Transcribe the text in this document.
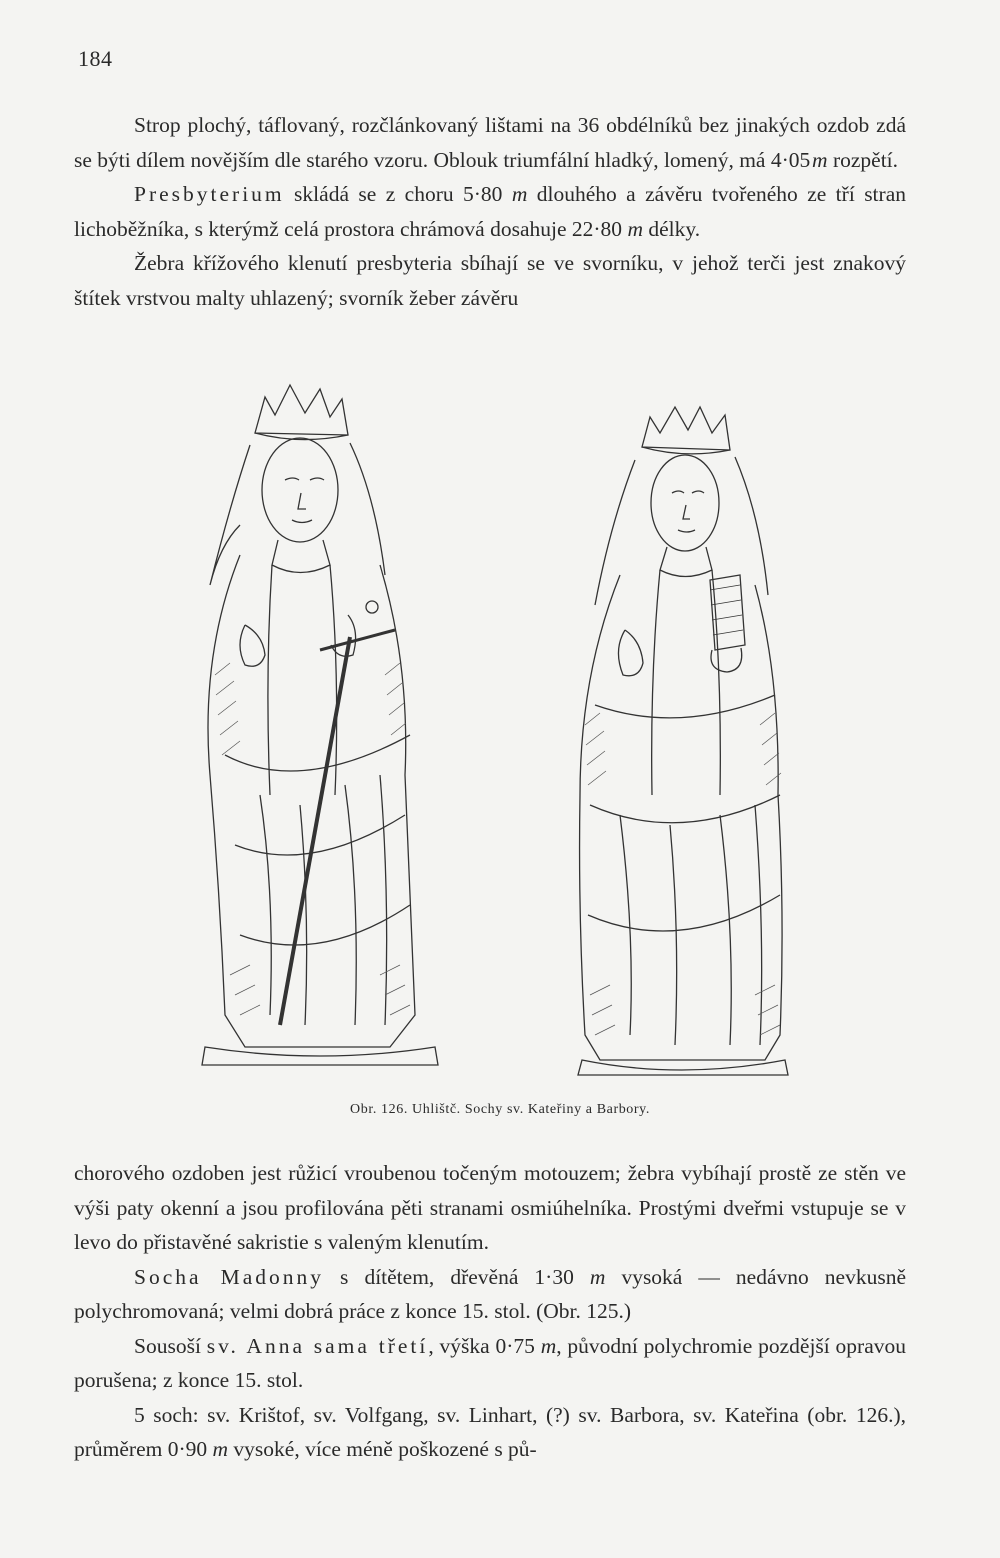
184

Strop plochý, táflovaný, rozčlánkovaný lištami na 36 obdélníků bez jinakých ozdob zdá se býti dílem novějším dle starého vzoru. Oblouk triumfální hladký, lomený, má 4·05 m rozpětí.

Presbyterium skládá se z choru 5·80 m dlouhého a závěru tvořeného ze tří stran lichoběžníka, s kterýmž celá prostora chrámová dosahuje 22·80 m délky.

Žebra křížového klenutí presbyteria sbíhají se ve svorníku, v jehož terči jest znakový štítek vrstvou malty uhlazený; svorník žeber závěru

Obr. 126. Uhlištč. Sochy sv. Kateřiny a Barbory.

chorového ozdoben jest růžicí vroubenou točeným motouzem; žebra vybíhají prostě ze stěn ve výši paty okenní a jsou profilována pěti stranami osmiúhelníka. Prostými dveřmi vstupuje se v levo do přistavěné sakristie s valeným klenutím.

Socha Madonny s dítětem, dřevěná 1·30 m vysoká — nedávno nevkusně polychromovaná; velmi dobrá práce z konce 15. stol. (Obr. 125.)

Sousoší sv. Anna sama třetí, výška 0·75 m, původní polychromie pozdější opravou porušena; z konce 15. stol.

5 soch: sv. Krištof, sv. Volfgang, sv. Linhart, (?) sv. Barbora, sv. Kateřina (obr. 126.), průměrem 0·90 m vysoké, více méně poškozené s pů-
